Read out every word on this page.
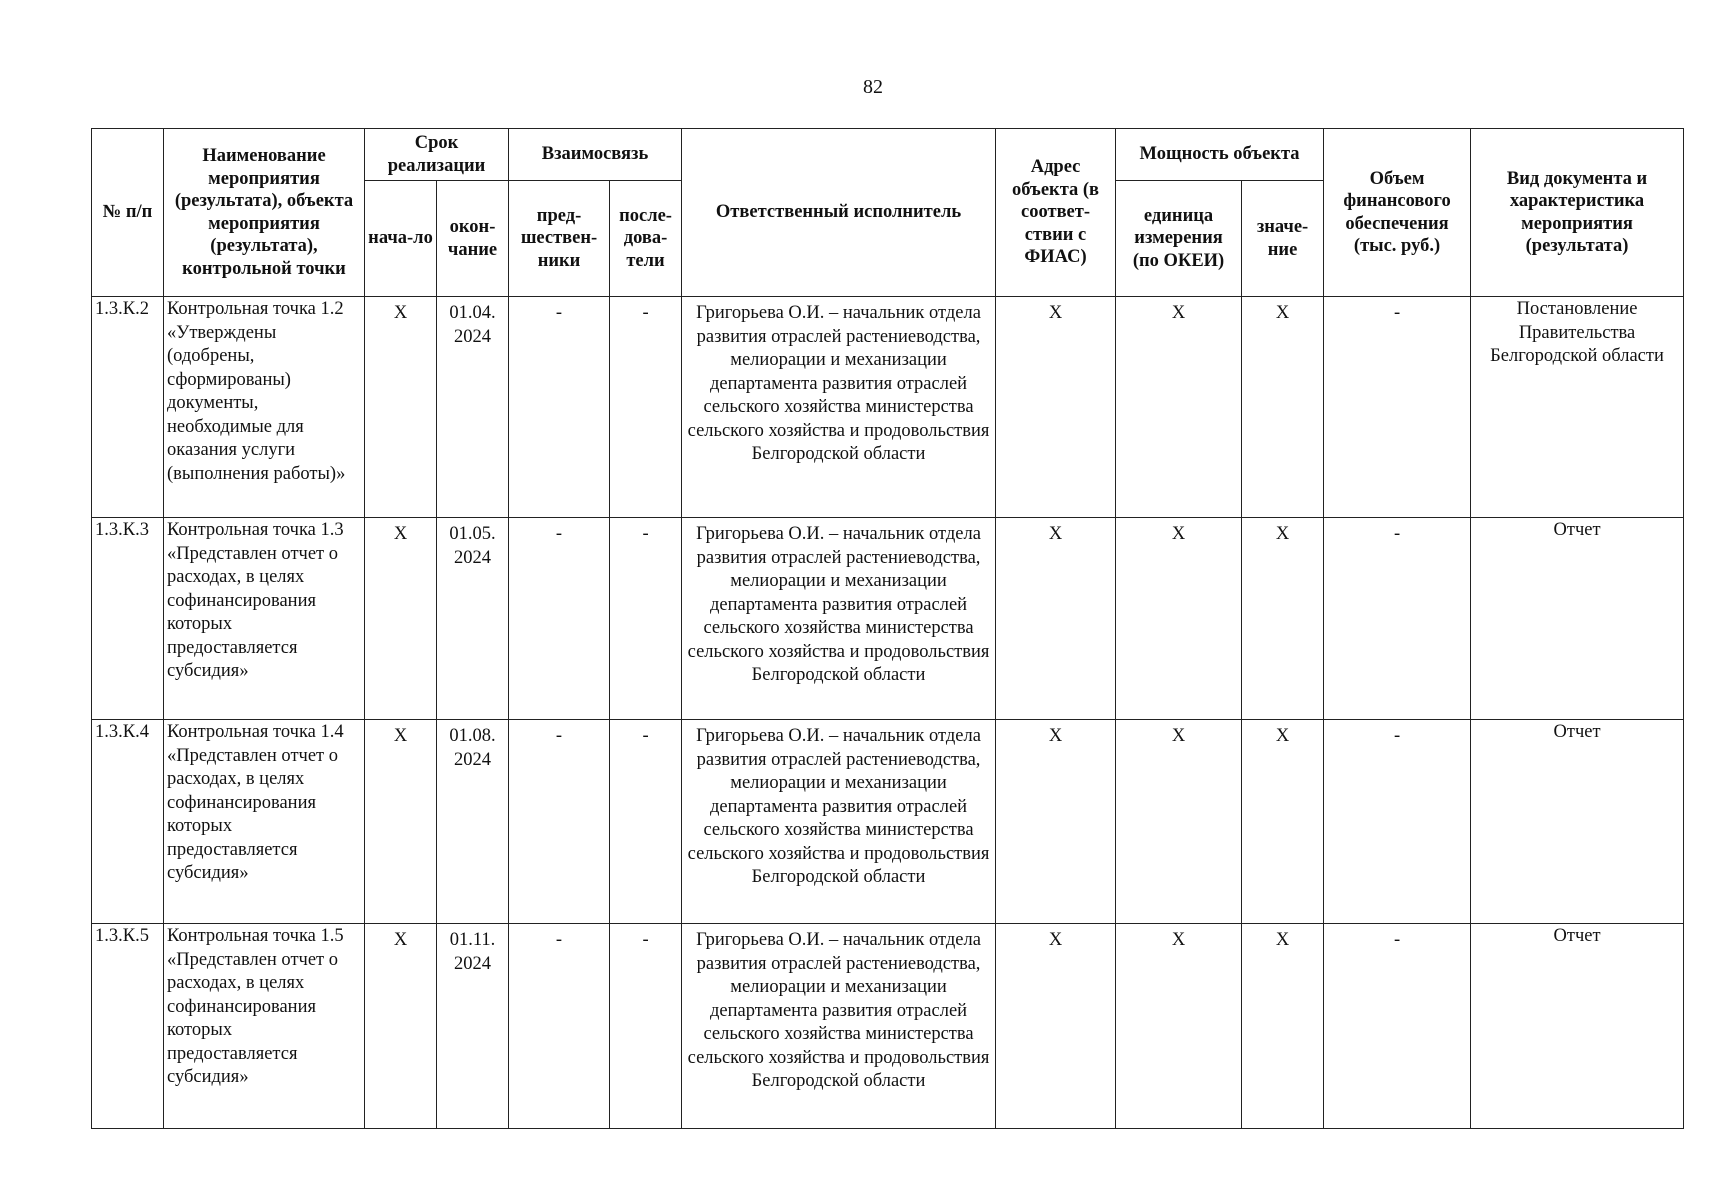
82
№ п/п	Наименование мероприятия (результата), объекта мероприятия (результата), контрольной точки	Срок реализации		Взаимосвязь		Ответственный исполнитель	Адрес объекта (в соответ-ствии с ФИАС)	Мощность объекта		Объем финансового обеспечения (тыс. руб.)	Вид документа и характеристика мероприятия (результата)
		нача-ло	окон-чание	пред-шествен-ники	после-дова-тели			единица измерения (по ОКЕИ)	значе-ние		
1.3.К.2	Контрольная точка 1.2 «Утверждены (одобрены, сформированы) документы, необходимые для оказания услуги (выполнения работы)»	X	01.04. 2024	-	-	Григорьева О.И. – начальник отдела развития отраслей растениеводства, мелиорации и механизации департамента развития отраслей сельского хозяйства министерства сельского хозяйства и продовольствия Белгородской области	X	X	X	-	Постановление Правительства Белгородской области
1.3.К.3	Контрольная точка 1.3 «Представлен отчет о расходах, в целях софинансирования которых предоставляется субсидия»	X	01.05. 2024	-	-	Григорьева О.И. – начальник отдела развития отраслей растениеводства, мелиорации и механизации департамента развития отраслей сельского хозяйства министерства сельского хозяйства и продовольствия Белгородской области	X	X	X	-	Отчет
1.3.К.4	Контрольная точка 1.4 «Представлен отчет о расходах, в целях софинансирования которых предоставляется субсидия»	X	01.08. 2024	-	-	Григорьева О.И. – начальник отдела развития отраслей растениеводства, мелиорации и механизации департамента развития отраслей сельского хозяйства министерства сельского хозяйства и продовольствия Белгородской области	X	X	X	-	Отчет
1.3.К.5	Контрольная точка 1.5 «Представлен отчет о расходах, в целях софинансирования которых предоставляется субсидия»	X	01.11. 2024	-	-	Григорьева О.И. – начальник отдела развития отраслей растениеводства, мелиорации и механизации департамента развития отраслей сельского хозяйства министерства сельского хозяйства и продовольствия Белгородской области	X	X	X	-	Отчет
